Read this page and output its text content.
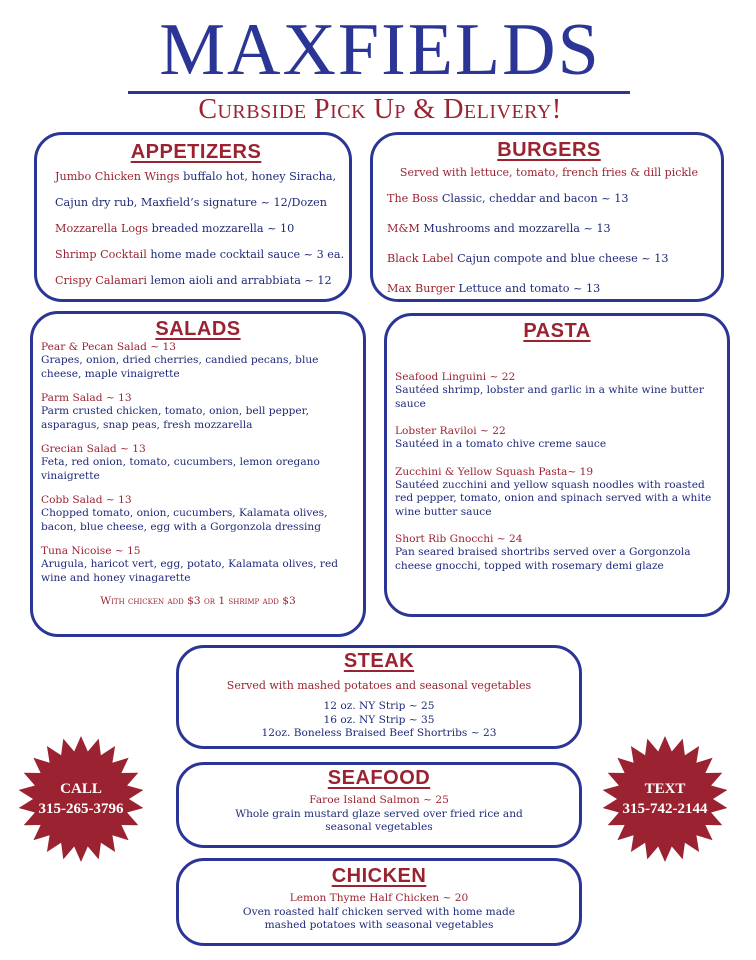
MAXFIELDS
Curbside Pick Up & Delivery!
APPETIZERS
Jumbo Chicken Wings buffalo hot, honey Siracha,
Cajun dry rub, Maxfield’s signature ~ 12/Dozen
Mozzarella Logs breaded mozzarella ~ 10
Shrimp Cocktail home made cocktail sauce ~ 3 ea.
Crispy Calamari lemon aioli and arrabbiata ~ 12
BURGERS
Served with lettuce, tomato, french fries & dill pickle
The Boss Classic, cheddar and bacon ~ 13
M&M Mushrooms and mozzarella ~ 13
Black Label Cajun compote and blue cheese ~ 13
Max Burger Lettuce and tomato ~ 13
SALADS
Pear & Pecan Salad ~ 13
Grapes, onion, dried cherries, candied pecans, blue cheese, maple vinaigrette
Parm Salad ~ 13
Parm crusted chicken, tomato, onion, bell pepper, asparagus, snap peas, fresh mozzarella
Grecian Salad ~ 13
Feta, red onion, tomato, cucumbers, lemon oregano vinaigrette
Cobb Salad ~ 13
Chopped tomato, onion, cucumbers, Kalamata olives, bacon, blue cheese, egg with a Gorgonzola dressing
Tuna Nicoise ~ 15
Arugula, haricot vert, egg, potato, Kalamata olives, red wine and honey vinagarette
With chicken add $3 or 1 shrimp add $3
PASTA
Seafood Linguini ~ 22
Sautéed shrimp, lobster and garlic in a white wine butter sauce
Lobster Raviloi ~ 22
Sautéed in a tomato chive creme sauce
Zucchini & Yellow Squash Pasta~ 19
Sautéed zucchini and yellow squash noodles with roasted red pepper, tomato, onion and spinach served with a white wine butter sauce
Short Rib Gnocchi ~ 24
Pan seared braised shortribs served over a Gorgonzola cheese gnocchi, topped with rosemary demi glaze
STEAK
Served with mashed potatoes and seasonal vegetables
12 oz. NY Strip ~ 25
16 oz. NY Strip ~ 35
12oz. Boneless Braised Beef Shortribs ~ 23
SEAFOOD
Faroe Island Salmon ~ 25
Whole grain mustard glaze served over fried rice and seasonal vegetables
CHICKEN
Lemon Thyme Half Chicken ~ 20
Oven roasted half chicken served with home made mashed potatoes with seasonal vegetables
CALL
315-265-3796
TEXT
315-742-2144
